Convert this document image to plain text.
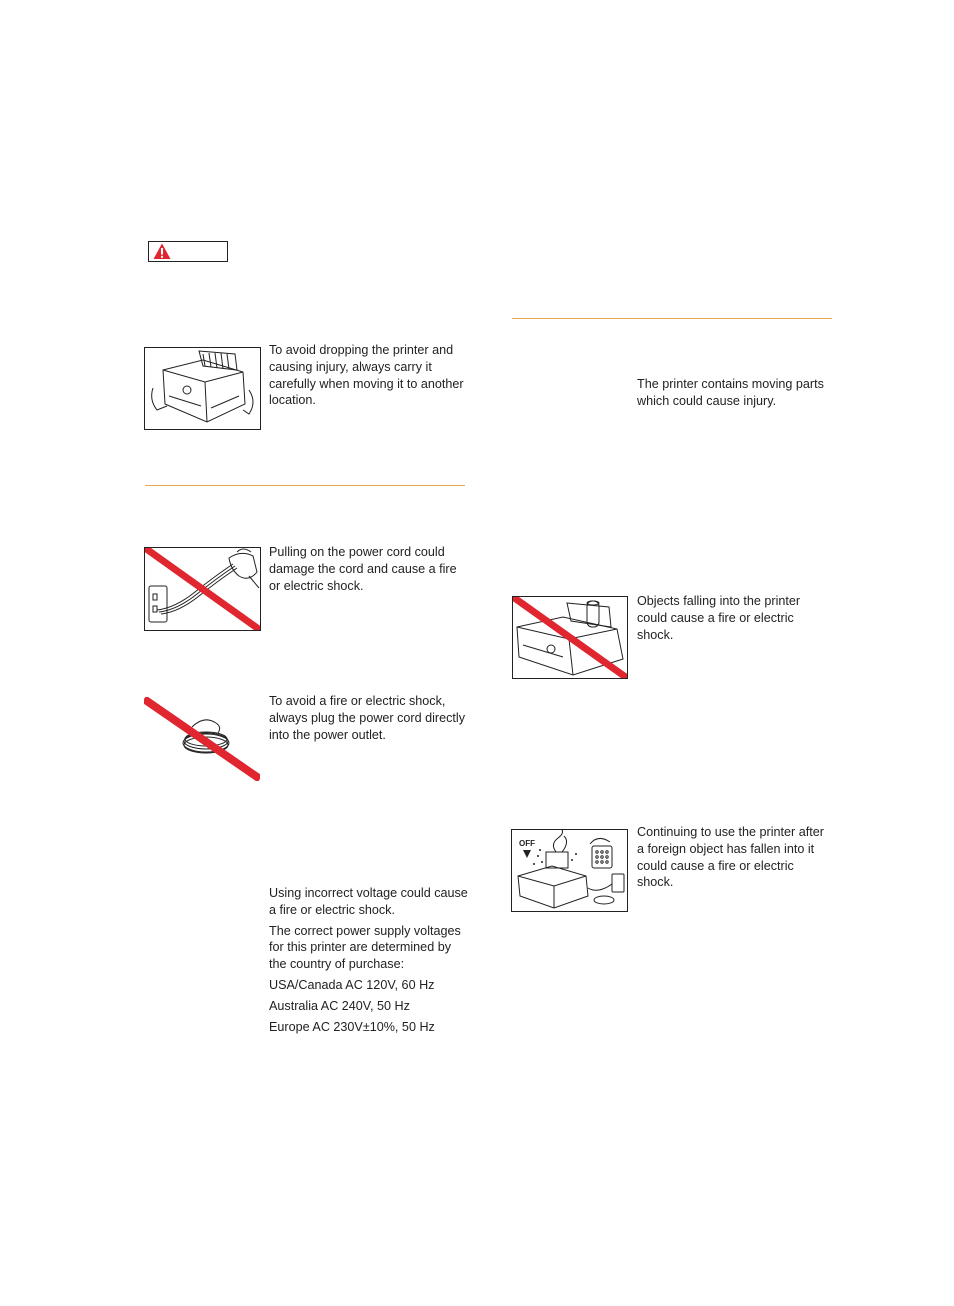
To avoid dropping the printer and causing injury, always carry it carefully when moving it to another location.

Pulling on the power cord could damage the cord and cause a fire or electric shock.

To avoid a fire or electric shock, always plug the power cord directly into the power outlet.

Using incorrect voltage could cause a fire or electric shock.

The correct power supply voltages for this printer are determined by the country of purchase:

USA/Canada AC 120V, 60 Hz

Australia AC 240V, 50 Hz

Europe AC 230V±10%, 50 Hz

The printer contains moving parts which could cause injury.

Objects falling into the printer could cause a fire or electric shock.

OFF

Continuing to use the printer after a foreign object has fallen into it could cause a fire or electric shock.
